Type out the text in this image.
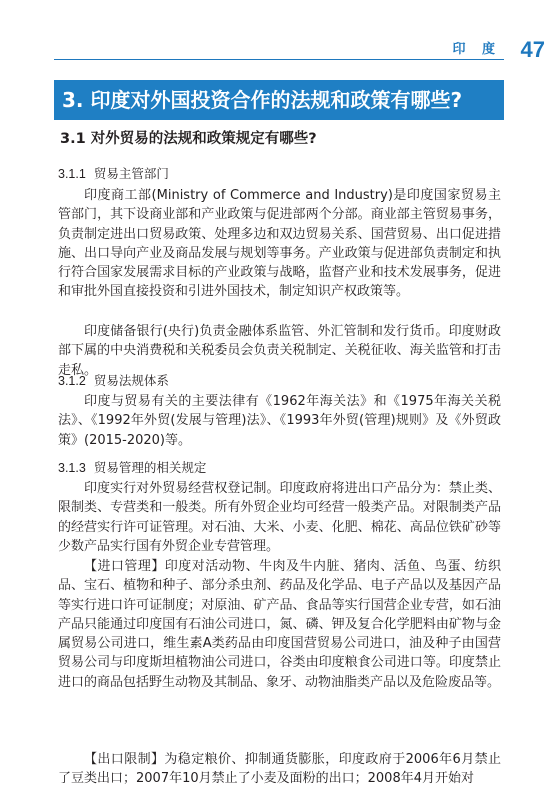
印 度 47
3. 印度对外国投资合作的法规和政策有哪些?
3.1 对外贸易的法规和政策规定有哪些?
3.1.1 贸易主管部门

印度商工部(Ministry of Commerce and Industry)是印度国家贸易主管部门，其下设商业部和产业政策与促进部两个分部。商业部主管贸易事务，负责制定进出口贸易政策、处理多边和双边贸易关系、国营贸易、出口促进措施、出口导向产业及商品发展与规划等事务。产业政策与促进部负责制定和执行符合国家发展需求目标的产业政策与战略，监督产业和技术发展事务，促进和审批外国直接投资和引进外国技术，制定知识产权政策等。

印度储备银行(央行)负责金融体系监管、外汇管制和发行货币。印度财政部下属的中央消费税和关税委员会负责关税制定、关税征收、海关监管和打击走私。

3.1.2 贸易法规体系

印度与贸易有关的主要法律有《1962年海关法》和《1975年海关关税法》、《1992年外贸(发展与管理)法》、《1993年外贸(管理)规则》及《外贸政策》(2015-2020)等。

3.1.3 贸易管理的相关规定

印度实行对外贸易经营权登记制。印度政府将进出口产品分为：禁止类、限制类、专营类和一般类。所有外贸企业均可经营一般类产品。对限制类产品的经营实行许可证管理。对石油、大米、小麦、化肥、棉花、高品位铁矿砂等少数产品实行国有外贸企业专营管理。

【进口管理】印度对活动物、牛肉及牛内脏、猪肉、活鱼、鸟蛋、纺织品、宝石、植物和种子、部分杀虫剂、药品及化学品、电子产品以及基因产品等实行进口许可证制度；对原油、矿产品、食品等实行国营企业专营，如石油产品只能通过印度国有石油公司进口，氮、磷、钾及复合化学肥料由矿物与金属贸易公司进口，维生素A类药品由印度国营贸易公司进口，油及种子由国营贸易公司与印度斯坦植物油公司进口，谷类由印度粮食公司进口等。印度禁止进口的商品包括野生动物及其制品、象牙、动物油脂类产品以及危险废品等。

【出口限制】为稳定粮价、抑制通货膨胀，印度政府于2006年6月禁止了豆类出口；2007年10月禁止了小麦及面粉的出口；2008年4月开始对
